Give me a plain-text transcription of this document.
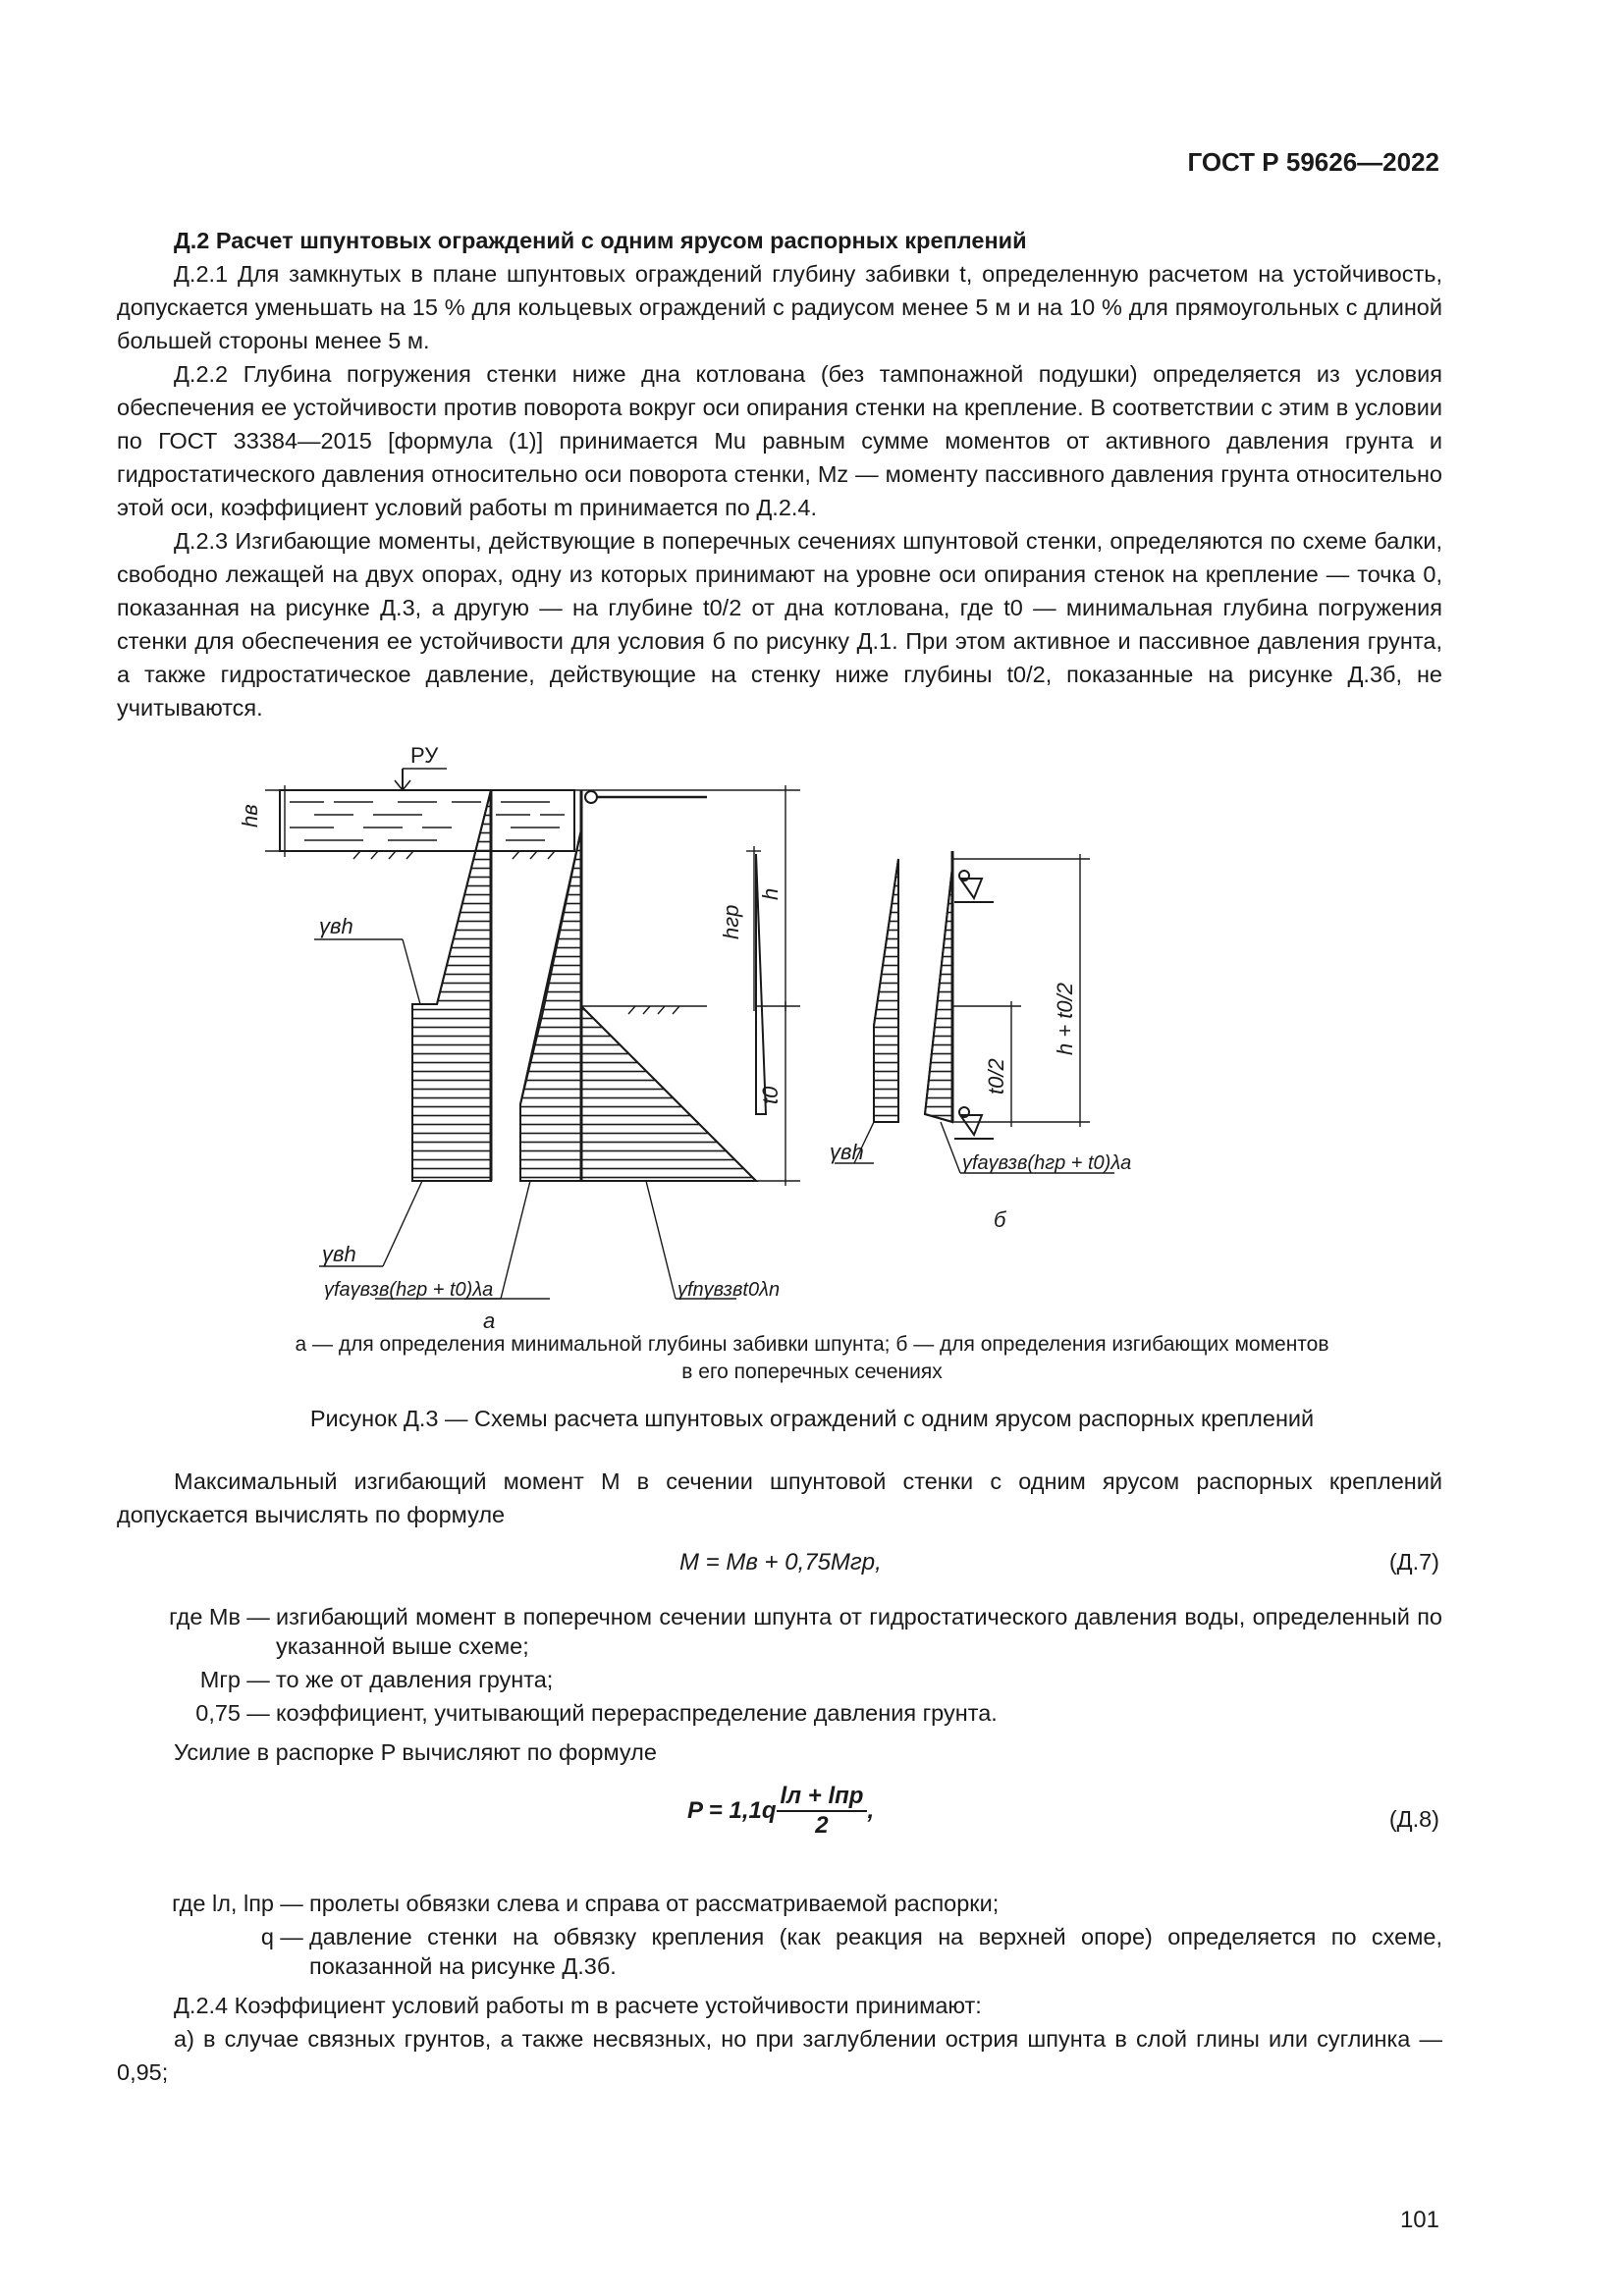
ГОСТ Р 59626—2022

Д.2 Расчет шпунтовых ограждений с одним ярусом распорных креплений

Д.2.1 Для замкнутых в плане шпунтовых ограждений глубину забивки t, определенную расчетом на устойчивость, допускается уменьшать на 15 % для кольцевых ограждений с радиусом менее 5 м и на 10 % для прямоугольных с длиной большей стороны менее 5 м.

Д.2.2 Глубина погружения стенки ниже дна котлована (без тампонажной подушки) определяется из условия обеспечения ее устойчивости против поворота вокруг оси опирания стенки на крепление. В соответствии с этим в условии по ГОСТ 33384—2015 [формула (1)] принимается Mu равным сумме моментов от активного давления грунта и гидростатического давления относительно оси поворота стенки, Mz — моменту пассивного давления грунта относительно этой оси, коэффициент условий работы m принимается по Д.2.4.

Д.2.3 Изгибающие моменты, действующие в поперечных сечениях шпунтовой стенки, определяются по схеме балки, свободно лежащей на двух опорах, одну из которых принимают на уровне оси опирания стенок на крепление — точка 0, показанная на рисунке Д.3, а другую — на глубине t0/2 от дна котлована, где t0 — минимальная глубина погружения стенки для обеспечения ее устойчивости для условия б по рисунку Д.1. При этом активное и пассивное давления грунта, а также гидростатическое давление, действующие на стенку ниже глубины t0/2, показанные на рисунке Д.3б, не учитываются.

РУ
hв
hгр
h
t0
γвh
γвh
γfaγвзв(hгр + t0)λa	γfnγвзвt0λn
а
γвh	γfaγвзв(hгр + t0)λa
h + t0/2
t0/2
б
а — для определения минимальной глубины забивки шпунта; б — для определения изгибающих моментов
в его поперечных сечениях
Рисунок Д.3 — Схемы расчета шпунтовых ограждений с одним ярусом распорных креплений

Максимальный изгибающий момент M в сечении шпунтовой стенки с одним ярусом распорных креплений допускается вычислять по формуле

M = Mв + 0,75Mгр,	(Д.7)
где Mв — изгибающий момент в поперечном сечении шпунта от гидростатического давления воды, определенный по указанной выше схеме;
Mгр — то же от давления грунта;
0,75 — коэффициент, учитывающий перераспределение давления грунта.

Усилие в распорке P вычисляют по формуле

$P = 1,1q \frac{\text{lл + lпр}}{2}$ ,	(Д.8)
где lл, lпр — пролеты обвязки слева и справа от рассматриваемой распорки;
q — давление стенки на обвязку крепления (как реакция на верхней опоре) определяется по схеме, показанной на рисунке Д.3б.

Д.2.4 Коэффициент условий работы m в расчете устойчивости принимают:

а) в случае связных грунтов, а также несвязных, но при заглублении острия шпунта в слой глины или суглинка — 0,95;

101
